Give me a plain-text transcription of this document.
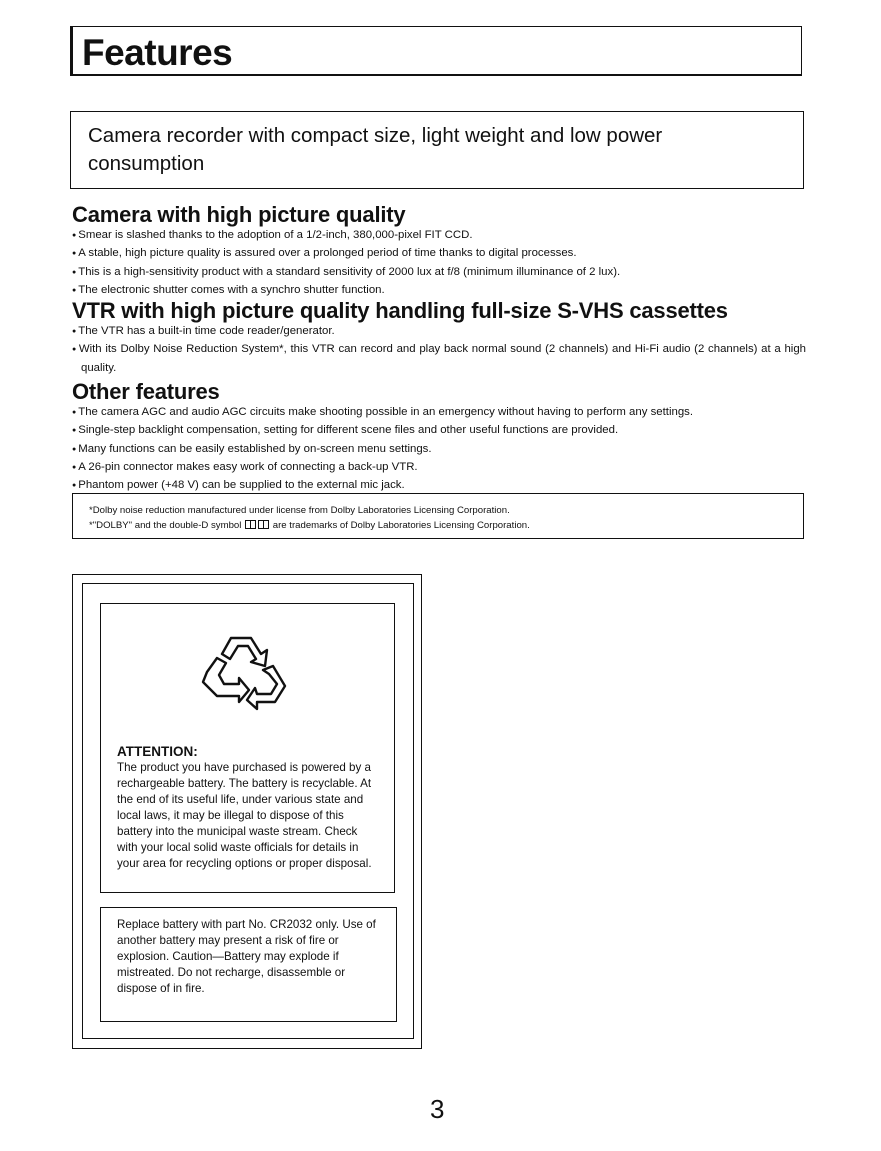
Features
Camera recorder with compact size, light weight and low power consumption
Camera with high picture quality
● Smear is slashed thanks to the adoption of a 1/2-inch, 380,000-pixel FIT CCD.
● A stable, high picture quality is assured over a prolonged period of time thanks to digital processes.
● This is a high-sensitivity product with a standard sensitivity of 2000 lux at f/8 (minimum illuminance of 2 lux).
● The electronic shutter comes with a synchro shutter function.
VTR with high picture quality handling full-size S-VHS cassettes
● The VTR has a built-in time code reader/generator.
● With its Dolby Noise Reduction System*, this VTR can record and play back normal sound (2 channels) and Hi-Fi audio (2 channels) at a high quality.
Other features
● The camera AGC and audio AGC circuits make shooting possible in an emergency without having to perform any settings.
● Single-step backlight compensation, setting for different scene files and other useful functions are provided.
● Many functions can be easily established by on-screen menu settings.
● A 26-pin connector makes easy work of connecting a back-up VTR.
● Phantom power (+48 V) can be supplied to the external mic jack.

*Dolby noise reduction manufactured under license from Dolby Laboratories Licensing Corporation.

*"DOLBY" and the double-D symbol	are trademarks of Dolby Laboratories Licensing Corporation.

ATTENTION:

The product you have purchased is powered by a rechargeable battery. The battery is recyclable. At the end of its useful life, under various state and local laws, it may be illegal to dispose of this battery into the municipal waste stream. Check with your local solid waste officials for details in your area for recycling options or proper disposal.

Replace battery with part No. CR2032 only. Use of another battery may present a risk of fire or explosion. Caution—Battery may explode if mistreated. Do not recharge, disassemble or dispose of in fire.

3
